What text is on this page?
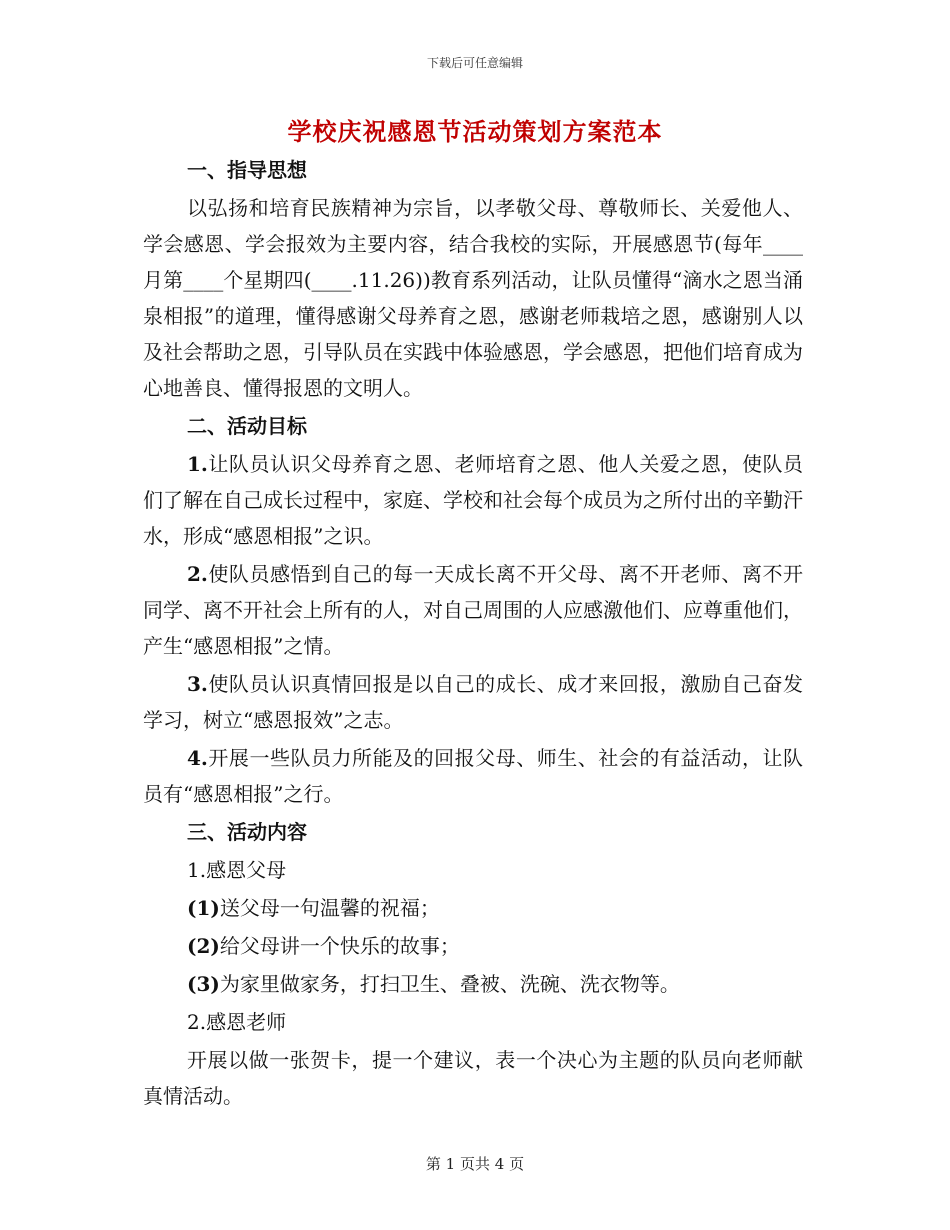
下载后可任意编辑
学校庆祝感恩节活动策划方案范本

一、指导思想

以弘扬和培育民族精神为宗旨，以孝敬父母、尊敬师长、关爱他人、学会感恩、学会报效为主要内容，结合我校的实际，开展感恩节(每年____月第____个星期四(____.11.26))教育系列活动，让队员懂得“滴水之恩当涌泉相报”的道理，懂得感谢父母养育之恩，感谢老师栽培之恩，感谢别人以及社会帮助之恩，引导队员在实践中体验感恩，学会感恩，把他们培育成为心地善良、懂得报恩的文明人。

二、活动目标

1.让队员认识父母养育之恩、老师培育之恩、他人关爱之恩，使队员们了解在自己成长过程中，家庭、学校和社会每个成员为之所付出的辛勤汗水，形成“感恩相报”之识。

2.使队员感悟到自己的每一天成长离不开父母、离不开老师、离不开同学、离不开社会上所有的人，对自己周围的人应感激他们、应尊重他们，产生“感恩相报”之情。

3.使队员认识真情回报是以自己的成长、成才来回报，激励自己奋发学习，树立“感恩报效”之志。

4.开展一些队员力所能及的回报父母、师生、社会的有益活动，让队员有“感恩相报”之行。

三、活动内容

1.感恩父母

(1)送父母一句温馨的祝福；

(2)给父母讲一个快乐的故事；

(3)为家里做家务，打扫卫生、叠被、洗碗、洗衣物等。

2.感恩老师

开展以做一张贺卡，提一个建议，表一个决心为主题的队员向老师献真情活动。

第 1 页共 4 页
